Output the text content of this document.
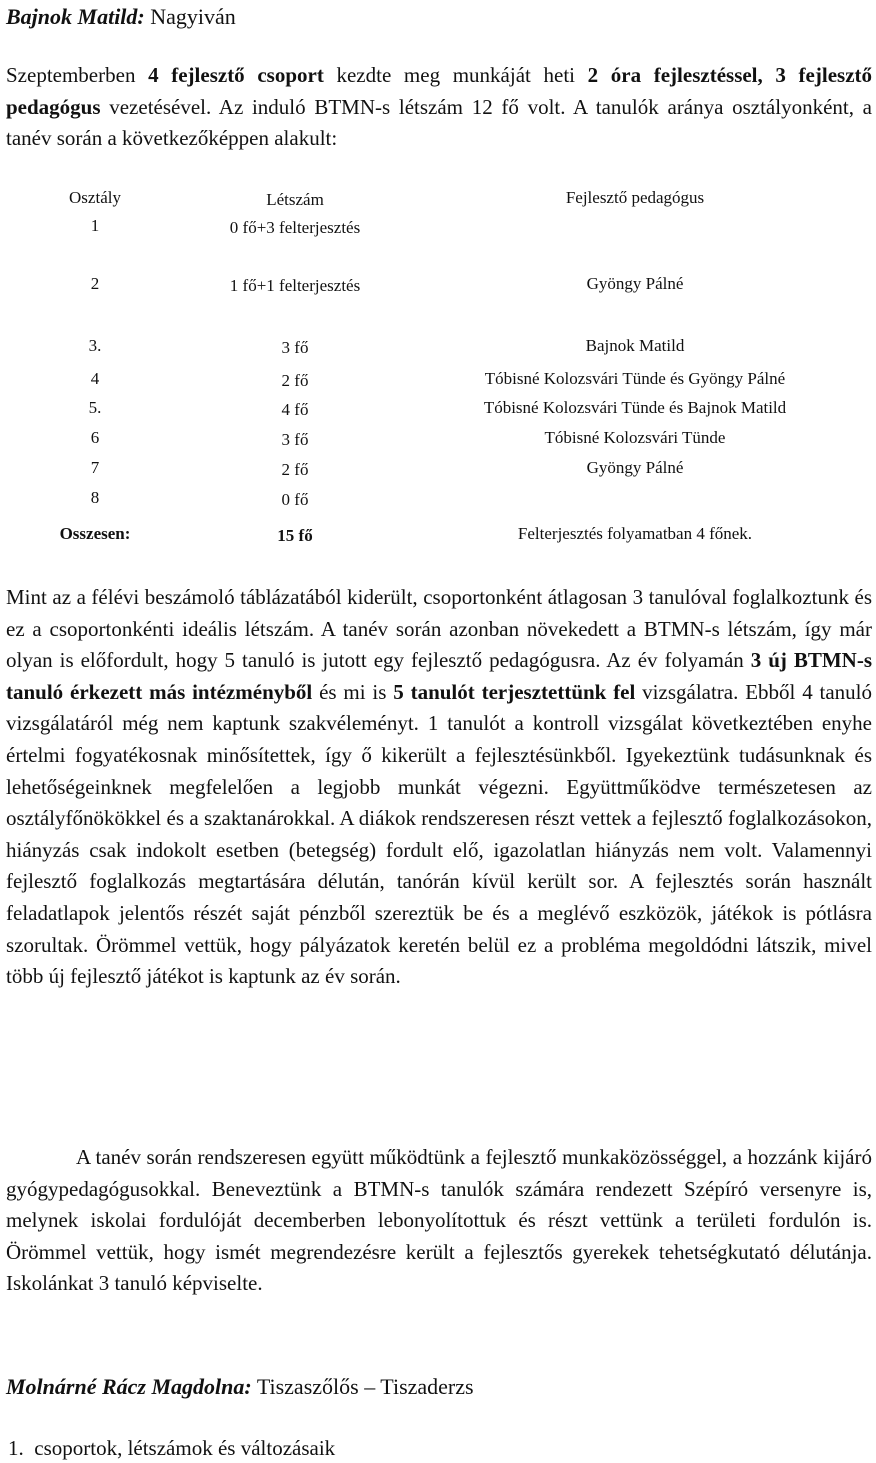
Bajnok Matild: Nagyiván
Szeptemberben 4 fejlesztő csoport kezdte meg munkáját heti 2 óra fejlesztéssel, 3 fejlesztő pedagógus vezetésével. Az induló BTMN-s létszám 12 fő volt. A tanulók aránya osztályonként, a tanév során a következőképpen alakult:
Osztály	Létszám	Fejlesztő pedagógus
1	0 fő+3 felterjesztés
2	1 fő+1 felterjesztés	Gyöngy Pálné
3.	3 fő	Bajnok Matild
4	2 fő	Tóbisné Kolozsvári Tünde és Gyöngy Pálné
5.	4 fő	Tóbisné Kolozsvári Tünde és Bajnok Matild
6	3 fő	Tóbisné Kolozsvári Tünde
7	2 fő	Gyöngy Pálné
8	0 fő
Osszesen:	15 fő	Felterjesztés folyamatban 4 főnek.
Mint az a félévi beszámoló táblázatából kiderült, csoportonként átlagosan 3 tanulóval foglalkoztunk és ez a csoportonkénti ideális létszám. A tanév során azonban növekedett a BTMN-s létszám, így már olyan is előfordult, hogy 5 tanuló is jutott egy fejlesztő pedagógusra. Az év folyamán 3 új BTMN-s tanuló érkezett más intézményből és mi is 5 tanulót terjesztettünk fel vizsgálatra. Ebből 4 tanuló vizsgálatáról még nem kaptunk szakvéleményt. 1 tanulót a kontroll vizsgálat következtében enyhe értelmi fogyatékosnak minősítettek, így ő kikerült a fejlesztésünkből. Igyekeztünk tudásunknak és lehetőségeinknek megfelelően a legjobb munkát végezni. Együttműködve természetesen az osztályfőnökökkel és a szaktanárokkal. A diákok rendszeresen részt vettek a fejlesztő foglalkozásokon, hiányzás csak indokolt esetben (betegség) fordult elő, igazolatlan hiányzás nem volt. Valamennyi fejlesztő foglalkozás megtartására délután, tanórán kívül került sor. A fejlesztés során használt feladatlapok jelentős részét saját pénzből szereztük be és a meglévő eszközök, játékok is pótlásra szorultak. Örömmel vettük, hogy pályázatok keretén belül ez a probléma megoldódni látszik, mivel több új fejlesztő játékot is kaptunk az év során.
A tanév során rendszeresen együtt működtünk a fejlesztő munkaközösséggel, a hozzánk kijáró gyógypedagógusokkal. Beneveztünk a BTMN-s tanulók számára rendezett Szépíró versenyre is, melynek iskolai fordulóját decemberben lebonyolítottuk és részt vettünk a területi fordulón is. Örömmel vettük, hogy ismét megrendezésre került a fejlesztős gyerekek tehetségkutató délutánja. Iskolánkat 3 tanuló képviselte.
Molnárné Rácz Magdolna: Tiszaszőlős – Tiszaderzs
1. csoportok, létszámok és változásaik
